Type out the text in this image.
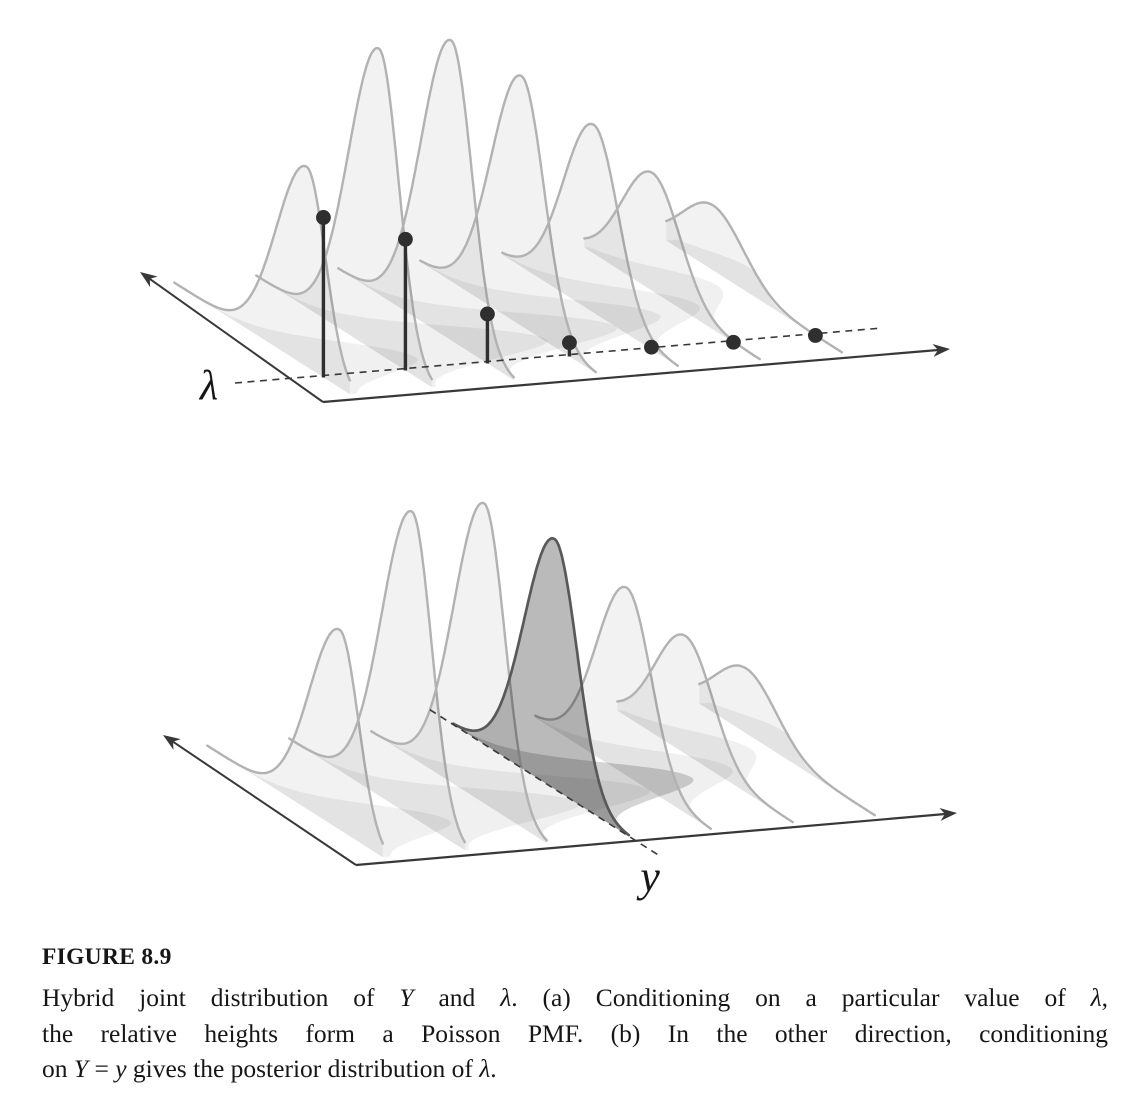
λ
y
FIGURE 8.9
Hybrid joint distribution of Y and λ. (a) Conditioning on a particular value of λ,
the relative heights form a Poisson PMF. (b) In the other direction, conditioning
on Y = y gives the posterior distribution of λ.
